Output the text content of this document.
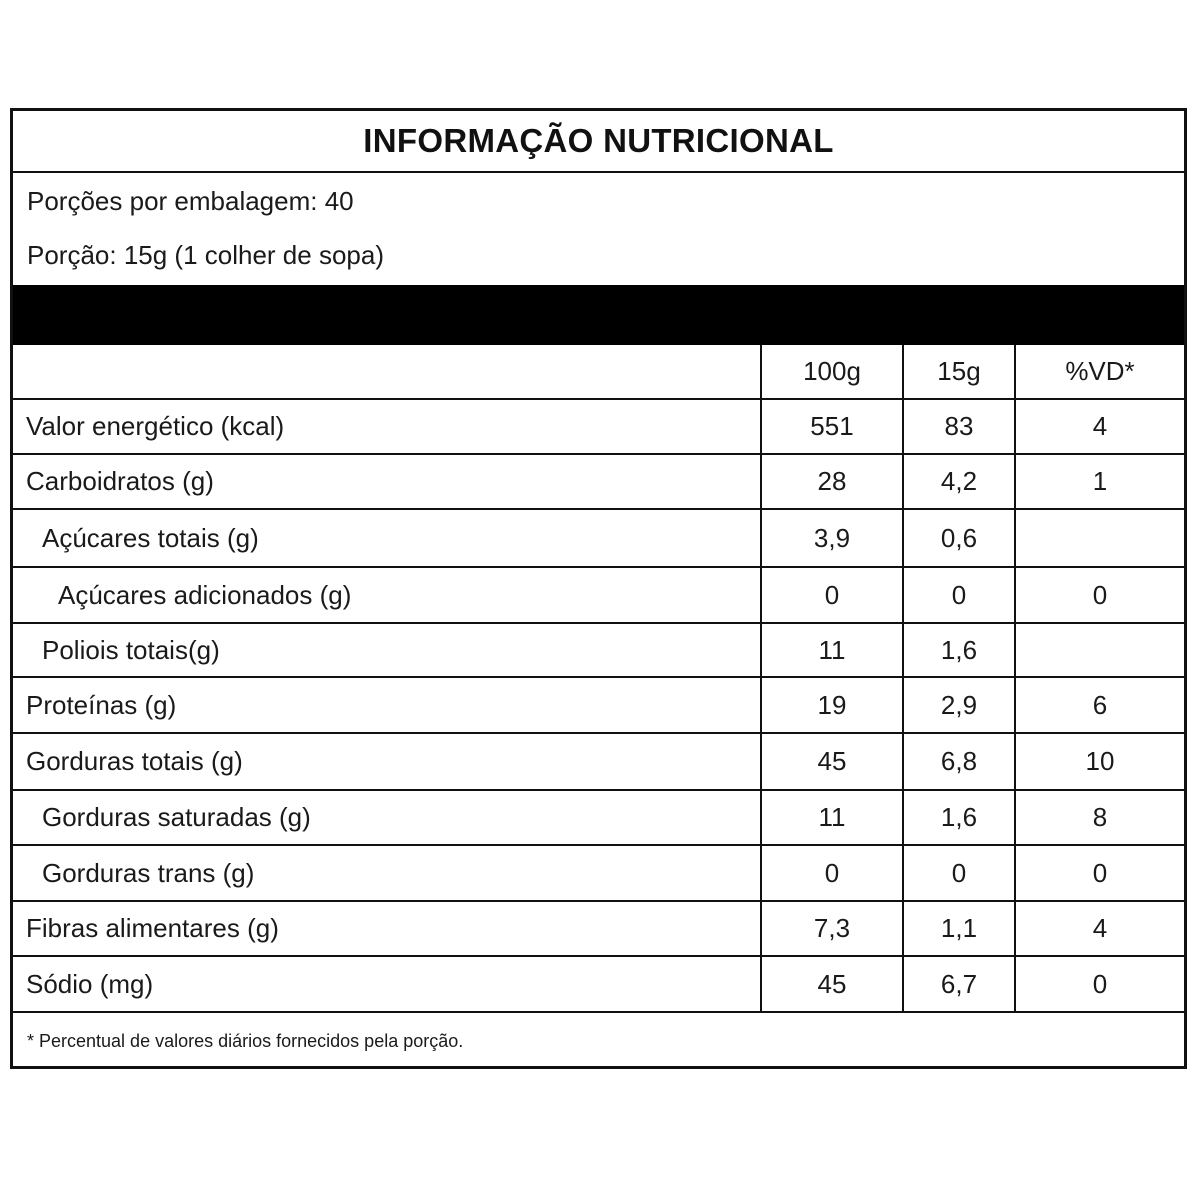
INFORMAÇÃO NUTRICIONAL
Porções por embalagem: 40
Porção: 15g (1 colher de sopa)
100g	15g	%VD*
Valor energético (kcal)	551	83	4
Carboidratos (g)	28	4,2	1
Açúcares totais (g)	3,9	0,6
Açúcares adicionados (g)	0	0	0
Poliois totais(g)	11	1,6
Proteínas (g)	19	2,9	6
Gorduras totais (g)	45	6,8	10
Gorduras saturadas (g)	11	1,6	8
Gorduras trans (g)	0	0	0
Fibras alimentares (g)	7,3	1,1	4
Sódio (mg)	45	6,7	0
* Percentual de valores diários fornecidos pela porção.
